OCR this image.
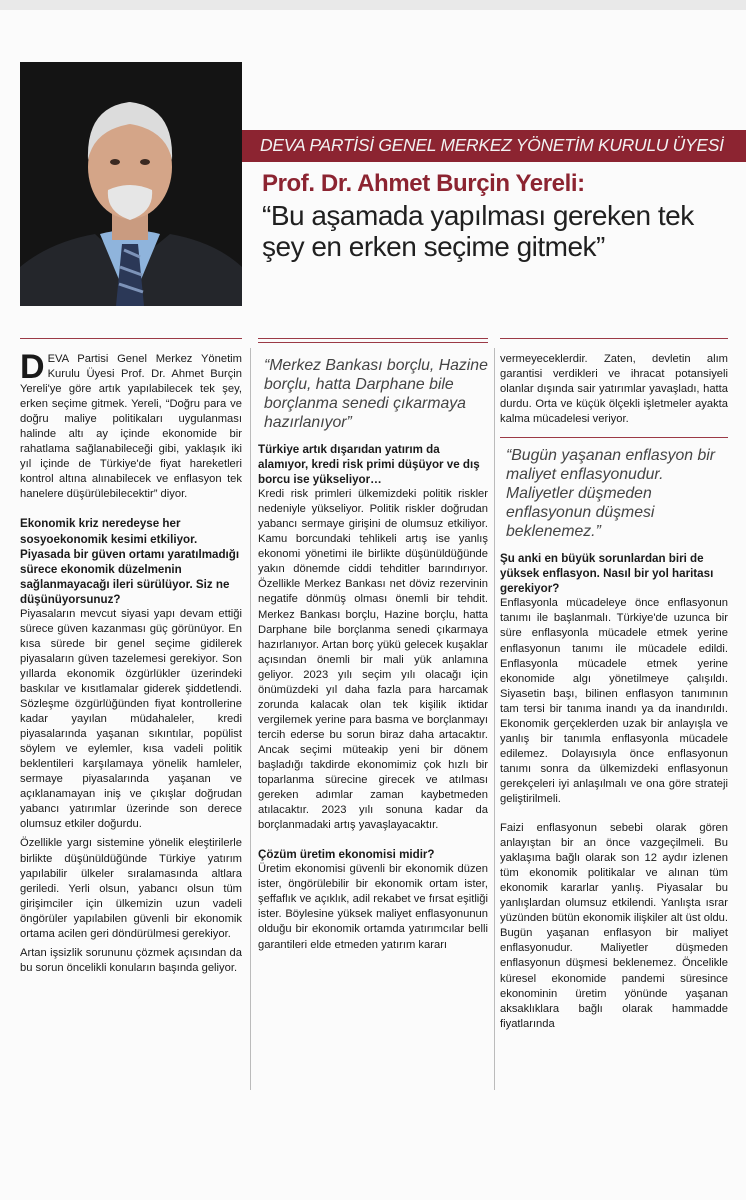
DEVA PARTİSİ GENEL MERKEZ YÖNETİM KURULU ÜYESİ
Prof. Dr. Ahmet Burçin Yereli:
“Bu aşamada yapılması gereken tek şey en erken seçime gitmek”

DEVA Partisi Genel Merkez Yönetim Kurulu Üyesi Prof. Dr. Ahmet Burçin Yereli'ye göre artık yapılabilecek tek şey, erken seçime gitmek. Yereli, “Doğru para ve doğru maliye politikaları uygulanması halinde altı ay içinde ekonomide bir rahatlama sağlanabileceği gibi, yaklaşık iki yıl içinde de Türkiye'de fiyat hareketleri kontrol altına alınabilecek ve enflasyon tek hanelere düşürülebilecektir” diyor.

Ekonomik kriz neredeyse her sosyoekonomik kesimi etkiliyor. Piyasada bir güven ortamı yaratılmadığı sürece ekonomik düzelmenin sağlanmayacağı ileri sürülüyor. Siz ne düşünüyorsunuz?

Piyasaların mevcut siyasi yapı devam ettiği sürece güven kazanması güç görünüyor. En kısa sürede bir genel seçime gidilerek piyasaların güven tazelemesi gerekiyor. Son yıllarda ekonomik özgürlükler üzerindeki baskılar ve kısıtlamalar giderek şiddetlendi. Sözleşme özgürlüğünden fiyat kontrollerine kadar yayılan müdahaleler, kredi piyasalarında yaşanan sıkıntılar, popülist söylem ve eylemler, kısa vadeli politik beklentileri karşılamaya yönelik hamleler, sermaye piyasalarında yaşanan ve açıklanamayan iniş ve çıkışlar doğrudan yabancı yatırımlar üzerinde son derece olumsuz etkiler doğurdu.

Özellikle yargı sistemine yönelik eleştirilerle birlikte düşünüldüğünde Türkiye yatırım yapılabilir ülkeler sıralamasında altlara geriledi. Yerli olsun, yabancı olsun tüm girişimciler için ülkemizin uzun vadeli öngörüler yapılabilen güvenli bir ekonomik ortama acilen geri döndürülmesi gerekiyor.

Artan işsizlik sorununu çözmek açısından da bu sorun öncelikli konuların başında geliyor.

“Merkez Bankası borçlu, Hazine borçlu, hatta Darphane bile borçlanma senedi çıkarmaya hazırlanıyor”
Türkiye artık dışarıdan yatırım da alamıyor, kredi risk primi düşüyor ve dış borcu ise yükseliyor…

Kredi risk primleri ülkemizdeki politik riskler nedeniyle yükseliyor. Politik riskler doğrudan yabancı sermaye girişini de olumsuz etkiliyor. Kamu borcundaki tehlikeli artış ise yanlış ekonomi yönetimi ile birlikte düşünüldüğünde yakın dönemde ciddi tehditler barındırıyor. Özellikle Merkez Bankası net döviz rezervinin negatife dönmüş olması önemli bir tehdit. Merkez Bankası borçlu, Hazine borçlu, hatta Darphane bile borçlanma senedi çıkarmaya hazırlanıyor. Artan borç yükü gelecek kuşaklar açısından önemli bir mali yük anlamına geliyor. 2023 yılı seçim yılı olacağı için önümüzdeki yıl daha fazla para harcamak zorunda kalacak olan tek kişilik iktidar vergilemek yerine para basma ve borçlanmayı tercih ederse bu sorun biraz daha artacaktır. Ancak seçimi müteakip yeni bir dönem başladığı takdirde ekonomimiz çok hızlı bir toparlanma sürecine girecek ve atılması gereken adımlar zaman kaybetmeden atılacaktır. 2023 yılı sonuna kadar da borçlanmadaki artış yavaşlayacaktır.

Çözüm üretim ekonomisi midir?

Üretim ekonomisi güvenli bir ekonomik düzen ister, öngörülebilir bir ekonomik ortam ister, şeffaflık ve açıklık, adil rekabet ve fırsat eşitliği ister. Böylesine yüksek maliyet enflasyonunun olduğu bir ekonomik ortamda yatırımcılar belli garantileri elde etmeden yatırım kararı

vermeyeceklerdir. Zaten, devletin alım garantisi verdikleri ve ihracat potansiyeli olanlar dışında sair yatırımlar yavaşladı, hatta durdu. Orta ve küçük ölçekli işletmeler ayakta kalma mücadelesi veriyor.

“Bugün yaşanan enflasyon bir maliyet enflasyonudur. Maliyetler düşmeden enflasyonun düşmesi beklenemez.”
Şu anki en büyük sorunlardan biri de yüksek enflasyon. Nasıl bir yol haritası gerekiyor?

Enflasyonla mücadeleye önce enflasyonun tanımı ile başlanmalı. Türkiye'de uzunca bir süre enflasyonla mücadele etmek yerine enflasyonun tanımı ile mücadele edildi. Enflasyonla mücadele etmek yerine ekonomide algı yönetilmeye çalışıldı. Siyasetin başı, bilinen enflasyon tanımının tam tersi bir tanıma inandı ya da inandırıldı. Ekonomik gerçeklerden uzak bir anlayışla ve yanlış bir tanımla enflasyonla mücadele edilemez. Dolayısıyla önce enflasyonun tanımı sonra da ülkemizdeki enflasyonun gerekçeleri iyi anlaşılmalı ve ona göre strateji geliştirilmeli.

Faizi enflasyonun sebebi olarak gören anlayıştan bir an önce vazgeçilmeli. Bu yaklaşıma bağlı olarak son 12 aydır izlenen tüm ekonomik politikalar ve alınan tüm ekonomik kararlar yanlış. Piyasalar bu yanlışlardan olumsuz etkilendi. Yanlışta ısrar yüzünden bütün ekonomik ilişkiler alt üst oldu. Bugün yaşanan enflasyon bir maliyet enflasyonudur. Maliyetler düşmeden enflasyonun düşmesi beklenemez. Öncelikle küresel ekonomide pandemi süresince ekonominin üretim yönünde yaşanan aksaklıklara bağlı olarak hammadde fiyatlarında
